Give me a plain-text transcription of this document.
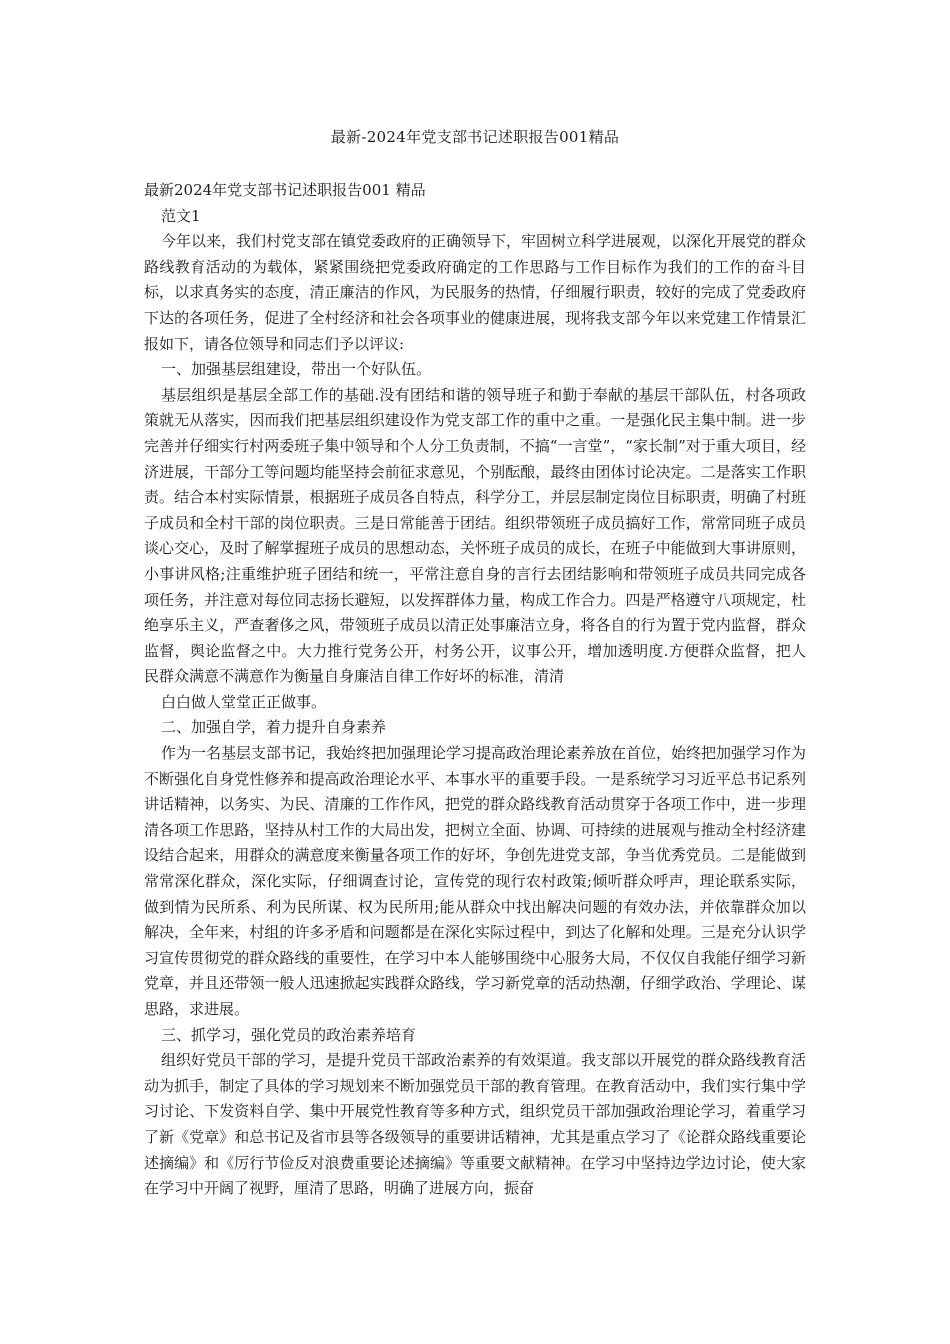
最新-2024年党支部书记述职报告001精品

最新2024年党支部书记述职报告001 精品

范文1

今年以来，我们村党支部在镇党委政府的正确领导下，牢固树立科学进展观，以深化开展党的群众路线教育活动的为载体，紧紧围绕把党委政府确定的工作思路与工作目标作为我们的工作的奋斗目标，以求真务实的态度，清正廉洁的作风，为民服务的热情，仔细履行职责，较好的完成了党委政府下达的各项任务，促进了全村经济和社会各项事业的健康进展，现将我支部今年以来党建工作情景汇报如下，请各位领导和同志们予以评议:

一、加强基层组建设，带出一个好队伍。

基层组织是基层全部工作的基础.没有团结和谐的领导班子和勤于奉献的基层干部队伍，村各项政策就无从落实，因而我们把基层组织建设作为党支部工作的重中之重。一是强化民主集中制。进一步完善并仔细实行村两委班子集中领导和个人分工负责制，不搞“一言堂”，“家长制”对于重大项目，经济进展，干部分工等问题均能坚持会前征求意见，个别酝酿，最终由团体讨论决定。二是落实工作职责。结合本村实际情景，根据班子成员各自特点，科学分工，并层层制定岗位目标职责，明确了村班子成员和全村干部的岗位职责。三是日常能善于团结。组织带领班子成员搞好工作，常常同班子成员谈心交心，及时了解掌握班子成员的思想动态，关怀班子成员的成长，在班子中能做到大事讲原则，小事讲风格;注重维护班子团结和统一，平常注意自身的言行去团结影响和带领班子成员共同完成各项任务，并注意对每位同志扬长避短，以发挥群体力量，构成工作合力。四是严格遵守八项规定，杜绝享乐主义，严查奢侈之风，带领班子成员以清正处事廉洁立身，将各自的行为置于党内监督，群众监督，舆论监督之中。大力推行党务公开，村务公开，议事公开，增加透明度.方便群众监督，把人民群众满意不满意作为衡量自身廉洁自律工作好坏的标准，清清

白白做人堂堂正正做事。

二、加强自学，着力提升自身素养

作为一名基层支部书记，我始终把加强理论学习提高政治理论素养放在首位，始终把加强学习作为不断强化自身党性修养和提高政治理论水平、本事水平的重要手段。一是系统学习习近平总书记系列讲话精神，以务实、为民、清廉的工作作风，把党的群众路线教育活动贯穿于各项工作中，进一步理清各项工作思路，坚持从村工作的大局出发，把树立全面、协调、可持续的进展观与推动全村经济建设结合起来，用群众的满意度来衡量各项工作的好坏，争创先进党支部，争当优秀党员。二是能做到常常深化群众，深化实际，仔细调查讨论，宣传党的现行农村政策;倾听群众呼声，理论联系实际，做到情为民所系、利为民所谋、权为民所用;能从群众中找出解决问题的有效办法，并依靠群众加以解决，全年来，村组的许多矛盾和问题都是在深化实际过程中，到达了化解和处理。三是充分认识学习宣传贯彻党的群众路线的重要性，在学习中本人能够围绕中心服务大局，不仅仅自我能仔细学习新党章，并且还带领一般人迅速掀起实践群众路线，学习新党章的活动热潮，仔细学政治、学理论、谋思路，求进展。

三、抓学习，强化党员的政治素养培育

组织好党员干部的学习，是提升党员干部政治素养的有效渠道。我支部以开展党的群众路线教育活动为抓手，制定了具体的学习规划来不断加强党员干部的教育管理。在教育活动中，我们实行集中学习讨论、下发资料自学、集中开展党性教育等多种方式，组织党员干部加强政治理论学习，着重学习了新《党章》和总书记及省市县等各级领导的重要讲话精神，尤其是重点学习了《论群众路线重要论述摘编》和《厉行节俭反对浪费重要论述摘编》等重要文献精神。在学习中坚持边学边讨论，使大家在学习中开阔了视野，厘清了思路，明确了进展方向，振奋
